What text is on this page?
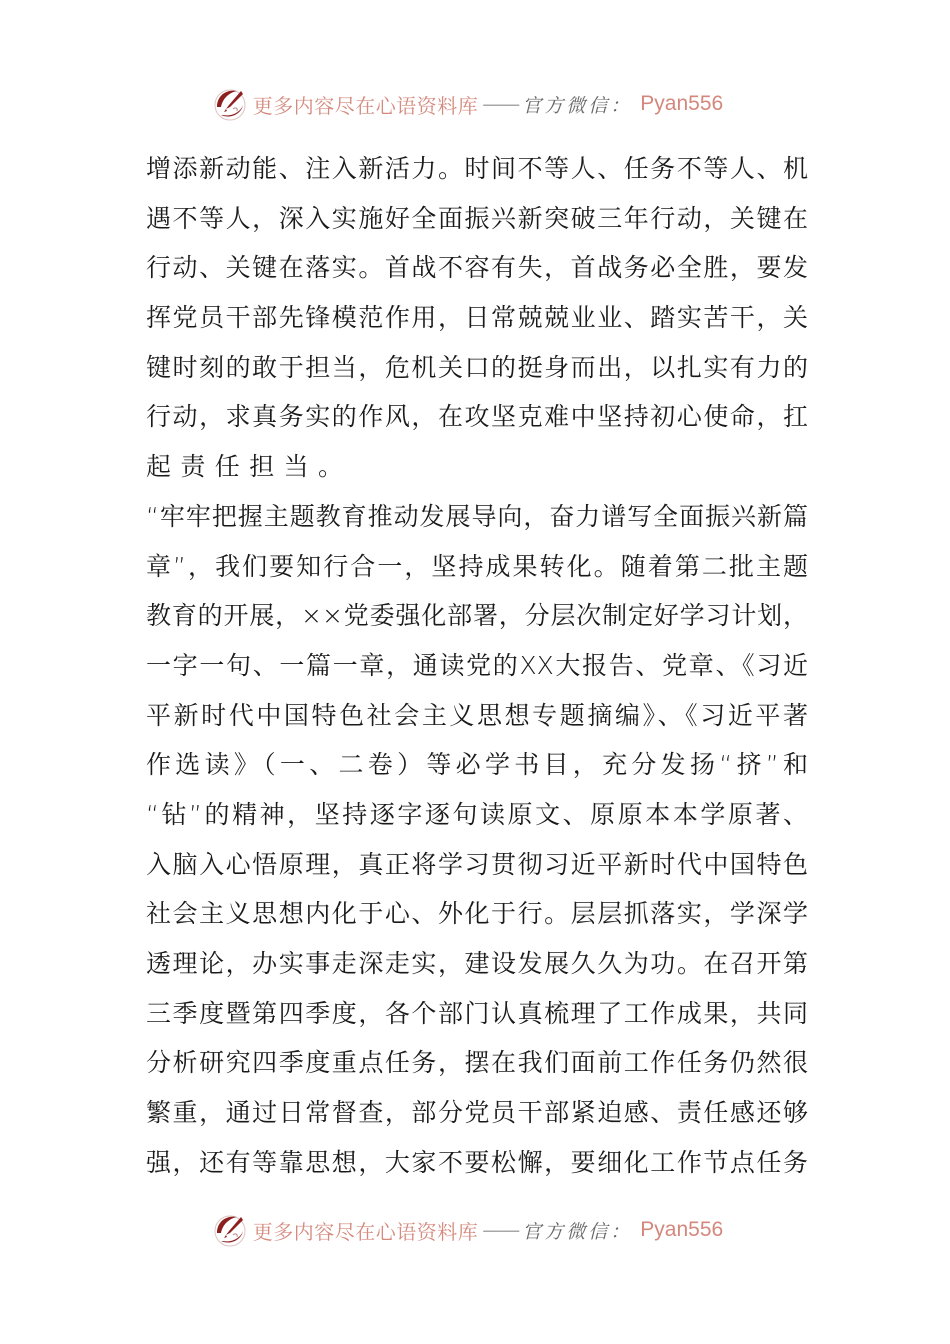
更多内容尽在心语资料库 —— 官方微信： Pyan556
增添新动能、注入新活力。时间不等人、任务不等人、机
遇不等人，深入实施好全面振兴新突破三年行动，关键在
行动、关键在落实。首战不容有失，首战务必全胜，要发
挥党员干部先锋模范作用，日常兢兢业业、踏实苦干，关
键时刻的敢于担当，危机关口的挺身而出，以扎实有力的
行动，求真务实的作风，在攻坚克难中坚持初心使命，扛
起责任担当。
“牢牢把握主题教育推动发展导向，奋力谱写全面振兴新篇
章”，我们要知行合一，坚持成果转化。随着第二批主题
教育的开展，××党委强化部署，分层次制定好学习计划，
一字一句、一篇一章，通读党的XX大报告、党章、《习近
平新时代中国特色社会主义思想专题摘编》、《习近平著
作选读》（一、二卷）等必学书目，充分发扬“挤”和
“钻”的精神，坚持逐字逐句读原文、原原本本学原著、
入脑入心悟原理，真正将学习贯彻习近平新时代中国特色
社会主义思想内化于心、外化于行。层层抓落实，学深学
透理论，办实事走深走实，建设发展久久为功。在召开第
三季度暨第四季度，各个部门认真梳理了工作成果，共同
分析研究四季度重点任务，摆在我们面前工作任务仍然很
繁重，通过日常督查，部分党员干部紧迫感、责任感还够
强，还有等靠思想，大家不要松懈，要细化工作节点任务
更多内容尽在心语资料库 —— 官方微信： Pyan556
